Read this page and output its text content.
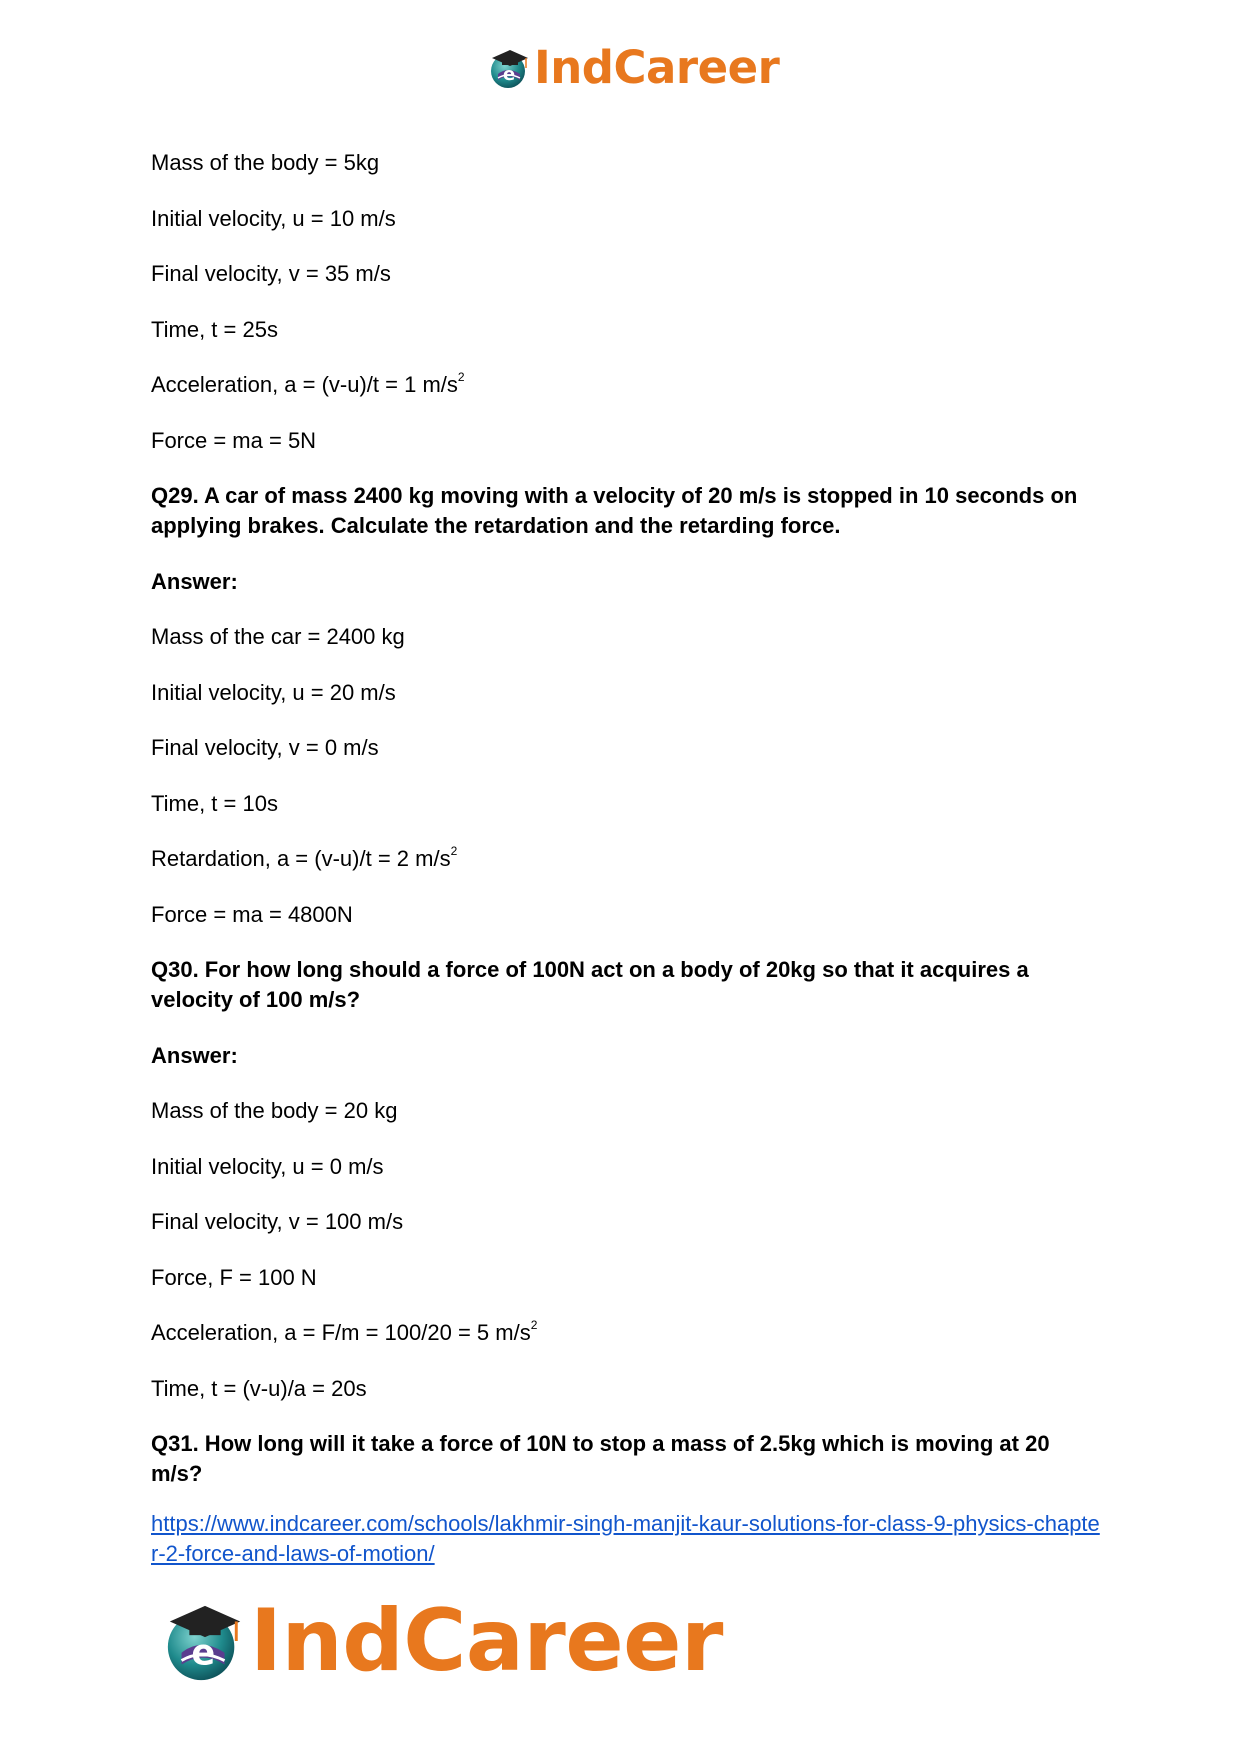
e IndCareer

Mass of the body = 5kg

Initial velocity, u = 10 m/s

Final velocity, v = 35 m/s

Time, t = 25s

Acceleration, a = (v-u)/t = 1 $m/s^2$

Force = ma = 5N

Q29. A car of mass 2400 kg moving with a velocity of 20 m/s is stopped in 10 seconds on applying brakes. Calculate the retardation and the retarding force.

Answer:

Mass of the car = 2400 kg

Initial velocity, u = 20 m/s

Final velocity, v = 0 m/s

Time, t = 10s

Retardation, a = (v-u)/t = 2 $m/s^2$

Force = ma = 4800N

Q30. For how long should a force of 100N act on a body of 20kg so that it acquires a velocity of 100 m/s?

Answer:

Mass of the body = 20 kg

Initial velocity, u = 0 m/s

Final velocity, v = 100 m/s

Force, F = 100 N

Acceleration, a = F/m = 100/20 = 5 $m/s^2$

Time, t = (v-u)/a = 20s

Q31. How long will it take a force of 10N to stop a mass of 2.5kg which is moving at 20 m/s?

https://www.indcareer.com/schools/lakhmir-singh-manjit-kaur-solutions-for-class-9-physics-chapter-2-force-and-laws-of-motion/
e IndCareer
